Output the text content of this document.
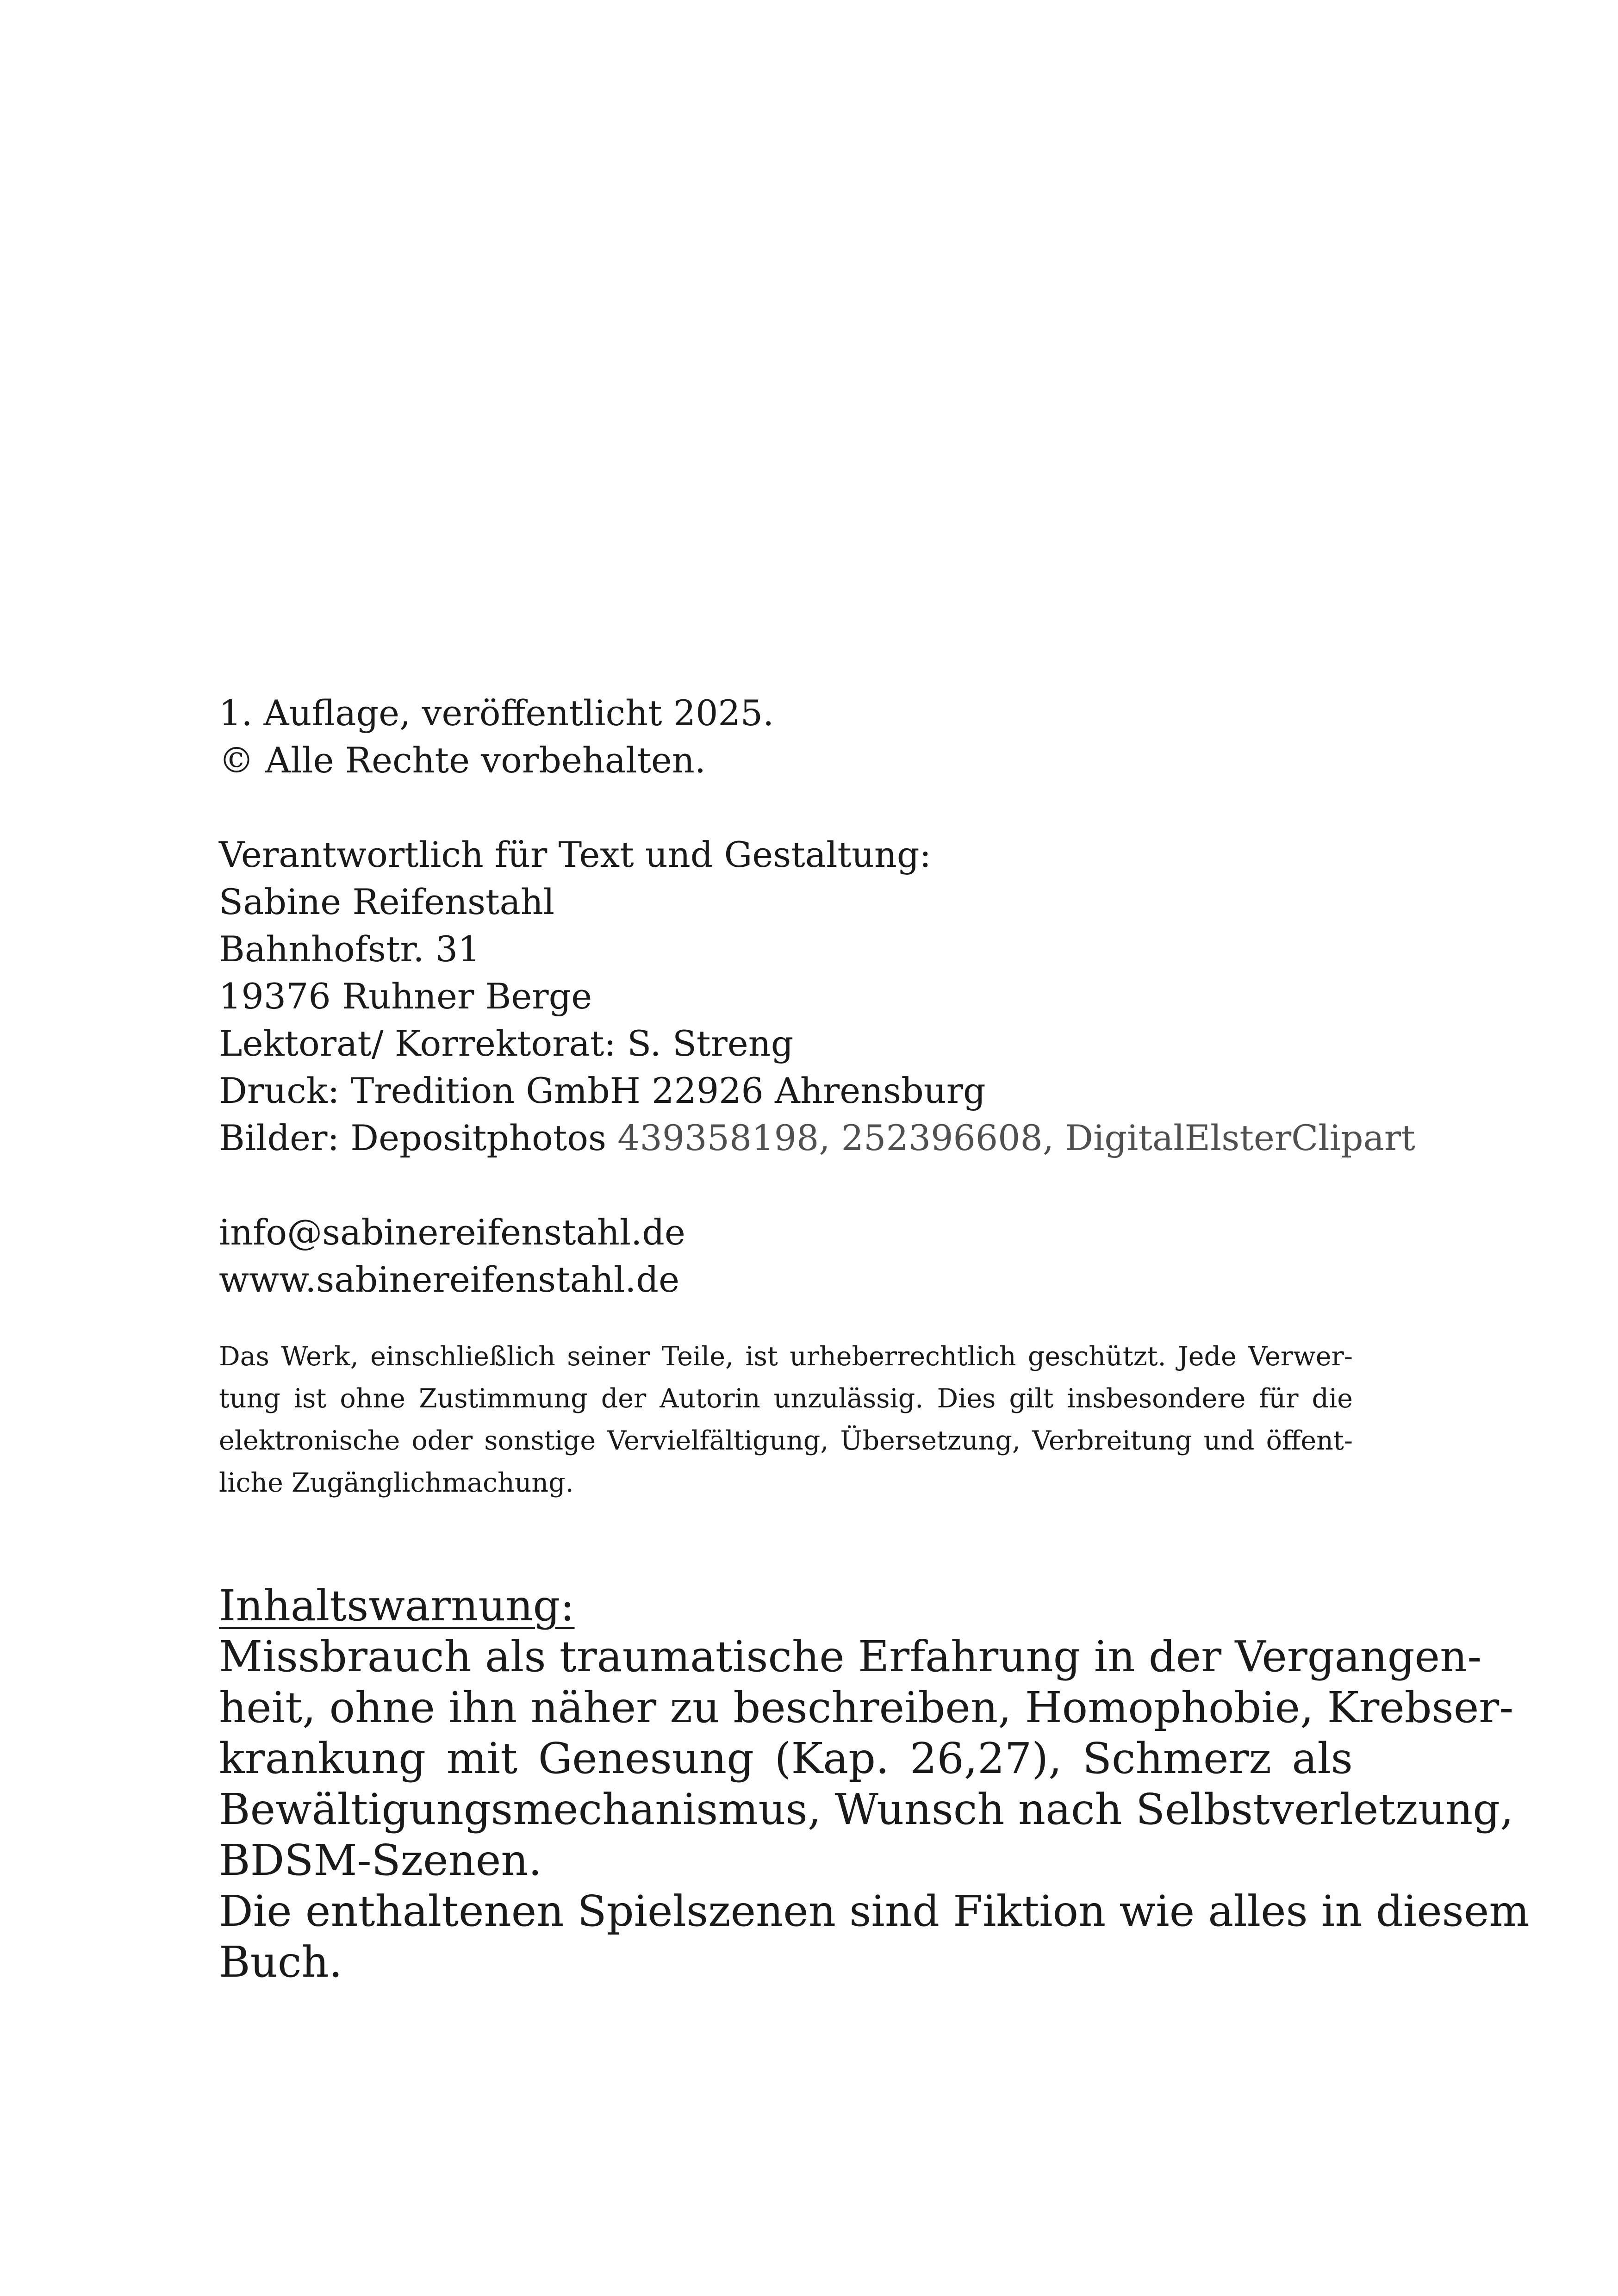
1. Auflage, veröffentlicht 2025.
© Alle Rechte vorbehalten.
Verantwortlich für Text und Gestaltung:
Sabine Reifenstahl
Bahnhofstr. 31
19376 Ruhner Berge
Lektorat/ Korrektorat: S. Streng
Druck: Tredition GmbH 22926 Ahrensburg
Bilder: Depositphotos 439358198, 252396608, DigitalElsterClipart
info@sabinereifenstahl.de
www.sabinereifenstahl.de
Das Werk, einschließlich seiner Teile, ist urheberrechtlich geschützt. Jede Verwer-
tung ist ohne Zustimmung der Autorin unzulässig. Dies gilt insbesondere für die
elektronische oder sonstige Vervielfältigung, Übersetzung, Verbreitung und öffent-
liche Zugänglichmachung.
Inhaltswarnung:
Missbrauch als traumatische Erfahrung in der Vergangen-
heit, ohne ihn näher zu beschreiben, Homophobie, Krebser-
krankung mit Genesung (Kap. 26,27), Schmerz als
Bewältigungsmechanismus, Wunsch nach Selbstverletzung,
BDSM-Szenen.
Die enthaltenen Spielszenen sind Fiktion wie alles in diesem
Buch.
